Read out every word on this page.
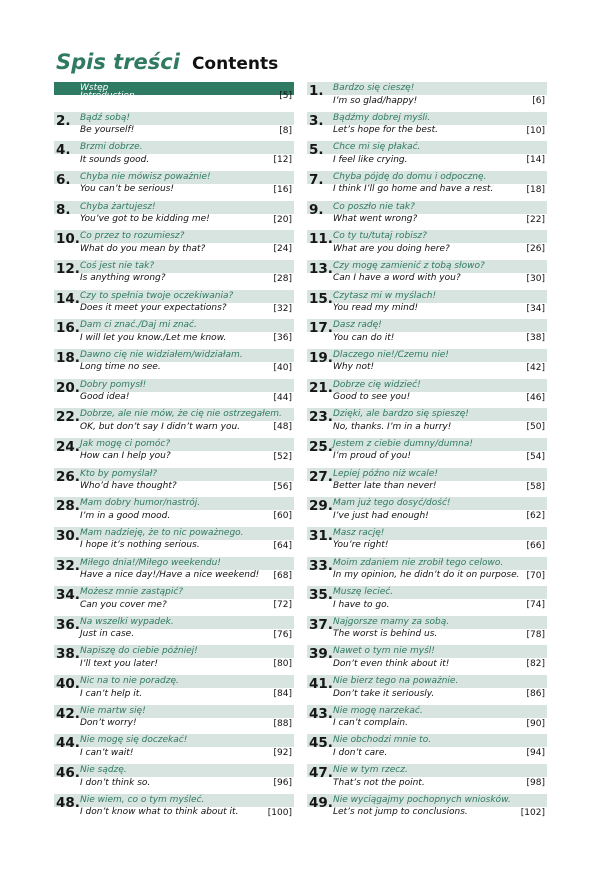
Spis treści Contents
Wstęp
Introduction	[5]
2. Bądź sobą!
Be yourself!	[8]
4. Brzmi dobrze.
It sounds good.	[12]
6. Chyba nie mówisz poważnie!
You can’t be serious!	[16]
8. Chyba żartujesz!
You’ve got to be kidding me!	[20]
10. Co przez to rozumiesz?
What do you mean by that?	[24]
12. Coś jest nie tak?
Is anything wrong?	[28]
14. Czy to spełnia twoje oczekiwania?
Does it meet your expectations?	[32]
16. Dam ci znać./Daj mi znać.
I will let you know./Let me know.	[36]
18. Dawno cię nie widziałem/widziałam.
Long time no see.	[40]
20. Dobry pomysł!
Good idea!	[44]
22. Dobrze, ale nie mów, że cię nie ostrzegałem.
OK, but don’t say I didn’t warn you.	[48]
24. Jak mogę ci pomóc?
How can I help you?	[52]
26. Kto by pomyślał?
Who’d have thought?	[56]
28. Mam dobry humor/nastrój.
I’m in a good mood.	[60]
30. Mam nadzieję, że to nic poważnego.
I hope it’s nothing serious.	[64]
32. Miłego dnia!/Miłego weekendu!
Have a nice day!/Have a nice weekend! [68]
34. Możesz mnie zastąpić?
Can you cover me?	[72]
36. Na wszelki wypadek.
Just in case.	[76]
38. Napiszę do ciebie później!
I’ll text you later!	[80]
40. Nic na to nie poradzę.
I can’t help it.	[84]
42. Nie martw się!
Don’t worry!	[88]
44. Nie mogę się doczekać!
I can’t wait!	[92]
46. Nie sądzę.
I don’t think so.	[96]
48. Nie wiem, co o tym myśleć.
I don’t know what to think about it.	[100]
1. Bardzo się cieszę!
I’m so glad/happy!	[6]
3. Bądźmy dobrej myśli.
Let’s hope for the best.	[10]
5. Chce mi się płakać.
I feel like crying.	[14]
7. Chyba pójdę do domu i odpocznę.
I think I’ll go home and have a rest.	[18]
9. Co poszło nie tak?
What went wrong?	[22]
11. Co ty tu/tutaj robisz?
What are you doing here?	[26]
13. Czy mogę zamienić z tobą słowo?
Can I have a word with you?	[30]
15. Czytasz mi w myślach!
You read my mind!	[34]
17. Dasz radę!
You can do it!	[38]
19. Dlaczego nie!/Czemu nie!
Why not!	[42]
21. Dobrze cię widzieć!
Good to see you!	[46]
23. Dzięki, ale bardzo się spieszę!
No, thanks. I’m in a hurry!	[50]
25. Jestem z ciebie dumny/dumna!
I’m proud of you!	[54]
27. Lepiej późno niż wcale!
Better late than never!	[58]
29. Mam już tego dosyć/dość!
I’ve just had enough!	[62]
31. Masz rację!
You’re right!	[66]
33. Moim zdaniem nie zrobił tego celowo.
In my opinion, he didn’t do it on purpose. [70]
35. Muszę lecieć.
I have to go.	[74]
37. Najgorsze mamy za sobą.
The worst is behind us.	[78]
39. Nawet o tym nie myśl!
Don’t even think about it!	[82]
41. Nie bierz tego na poważnie.
Don’t take it seriously.	[86]
43. Nie mogę narzekać.
I can’t complain.	[90]
45. Nie obchodzi mnie to.
I don’t care.	[94]
47. Nie w tym rzecz.
That’s not the point.	[98]
49. Nie wyciągajmy pochopnych wniosków.
Let’s not jump to conclusions.	[102]
